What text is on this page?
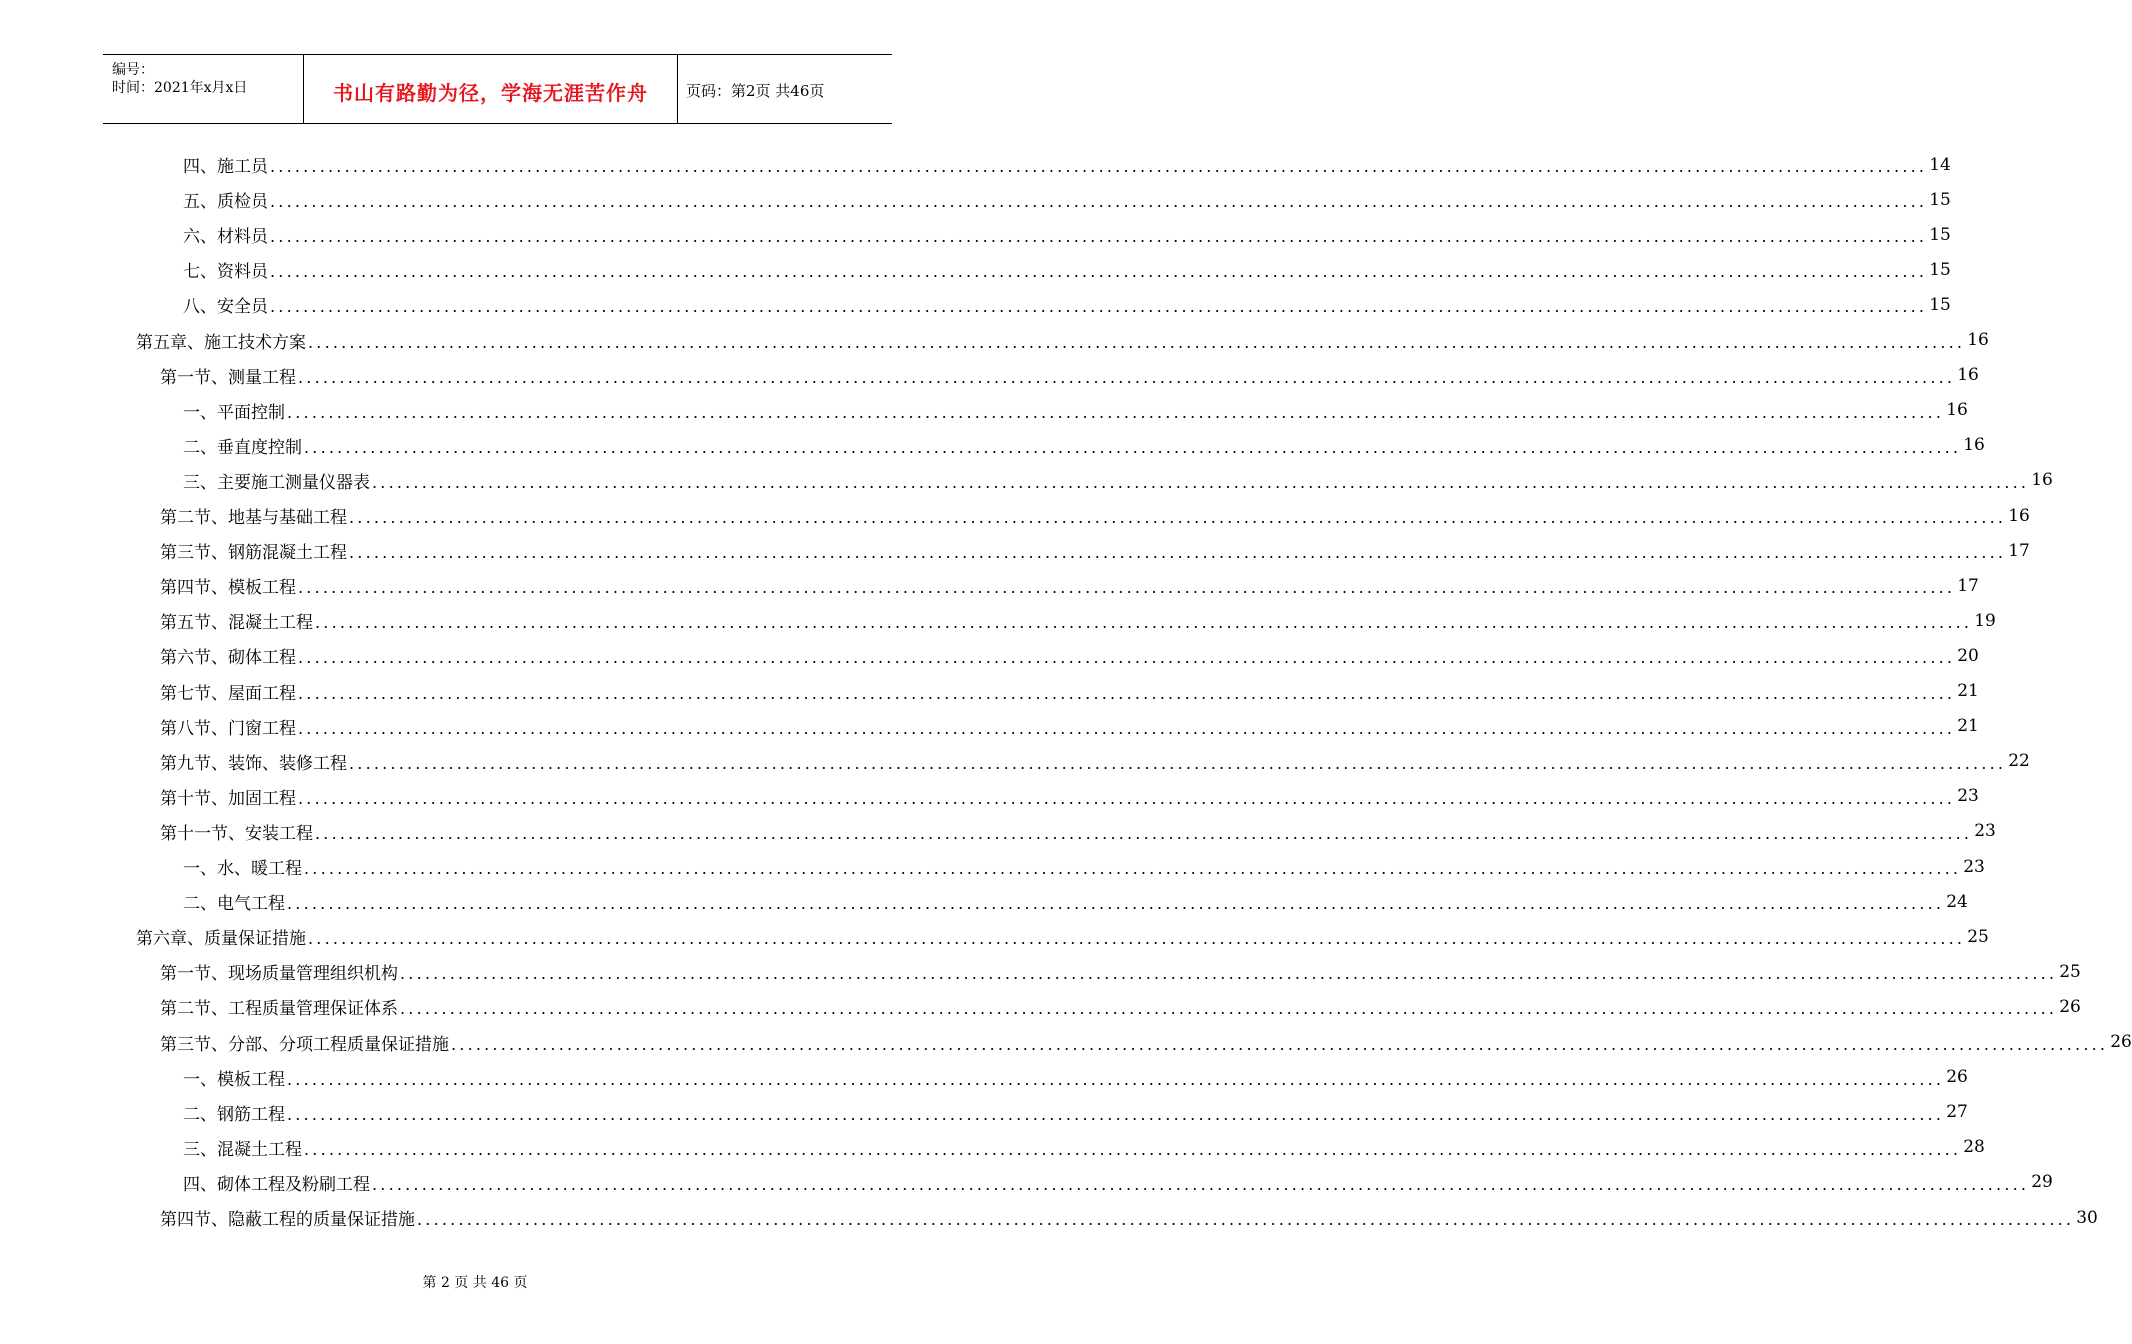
编号：
时间：2021年x月x日	书山有路勤为径，学海无涯苦作舟	页码：第2页 共46页
四、施工员 ........................................................................................................................................................................................................ 14
五、质检员 ........................................................................................................................................................................................................ 15
六、材料员 ........................................................................................................................................................................................................ 15
七、资料员 ........................................................................................................................................................................................................ 15
八、安全员 ........................................................................................................................................................................................................ 15
第五章、施工技术方案 ........................................................................................................................................................................................................ 16
第一节、测量工程 ........................................................................................................................................................................................................ 16
一、平面控制 ........................................................................................................................................................................................................ 16
二、垂直度控制 ........................................................................................................................................................................................................ 16
三、主要施工测量仪器表 ........................................................................................................................................................................................................ 16
第二节、地基与基础工程 ........................................................................................................................................................................................................ 16
第三节、钢筋混凝土工程 ........................................................................................................................................................................................................ 17
第四节、模板工程 ........................................................................................................................................................................................................ 17
第五节、混凝土工程 ........................................................................................................................................................................................................ 19
第六节、砌体工程 ........................................................................................................................................................................................................ 20
第七节、屋面工程 ........................................................................................................................................................................................................ 21
第八节、门窗工程 ........................................................................................................................................................................................................ 21
第九节、装饰、装修工程 ........................................................................................................................................................................................................ 22
第十节、加固工程 ........................................................................................................................................................................................................ 23
第十一节、安装工程 ........................................................................................................................................................................................................ 23
一、水、暖工程 ........................................................................................................................................................................................................ 23
二、电气工程 ........................................................................................................................................................................................................ 24
第六章、质量保证措施 ........................................................................................................................................................................................................ 25
第一节、现场质量管理组织机构 ........................................................................................................................................................................................................ 25
第二节、工程质量管理保证体系 ........................................................................................................................................................................................................ 26
第三节、分部、分项工程质量保证措施 ........................................................................................................................................................................................................ 26
一、模板工程 ........................................................................................................................................................................................................ 26
二、钢筋工程 ........................................................................................................................................................................................................ 27
三、混凝土工程 ........................................................................................................................................................................................................ 28
四、砌体工程及粉刷工程 ........................................................................................................................................................................................................ 29
第四节、隐蔽工程的质量保证措施 ........................................................................................................................................................................................................ 30
第 2 页 共 46 页
